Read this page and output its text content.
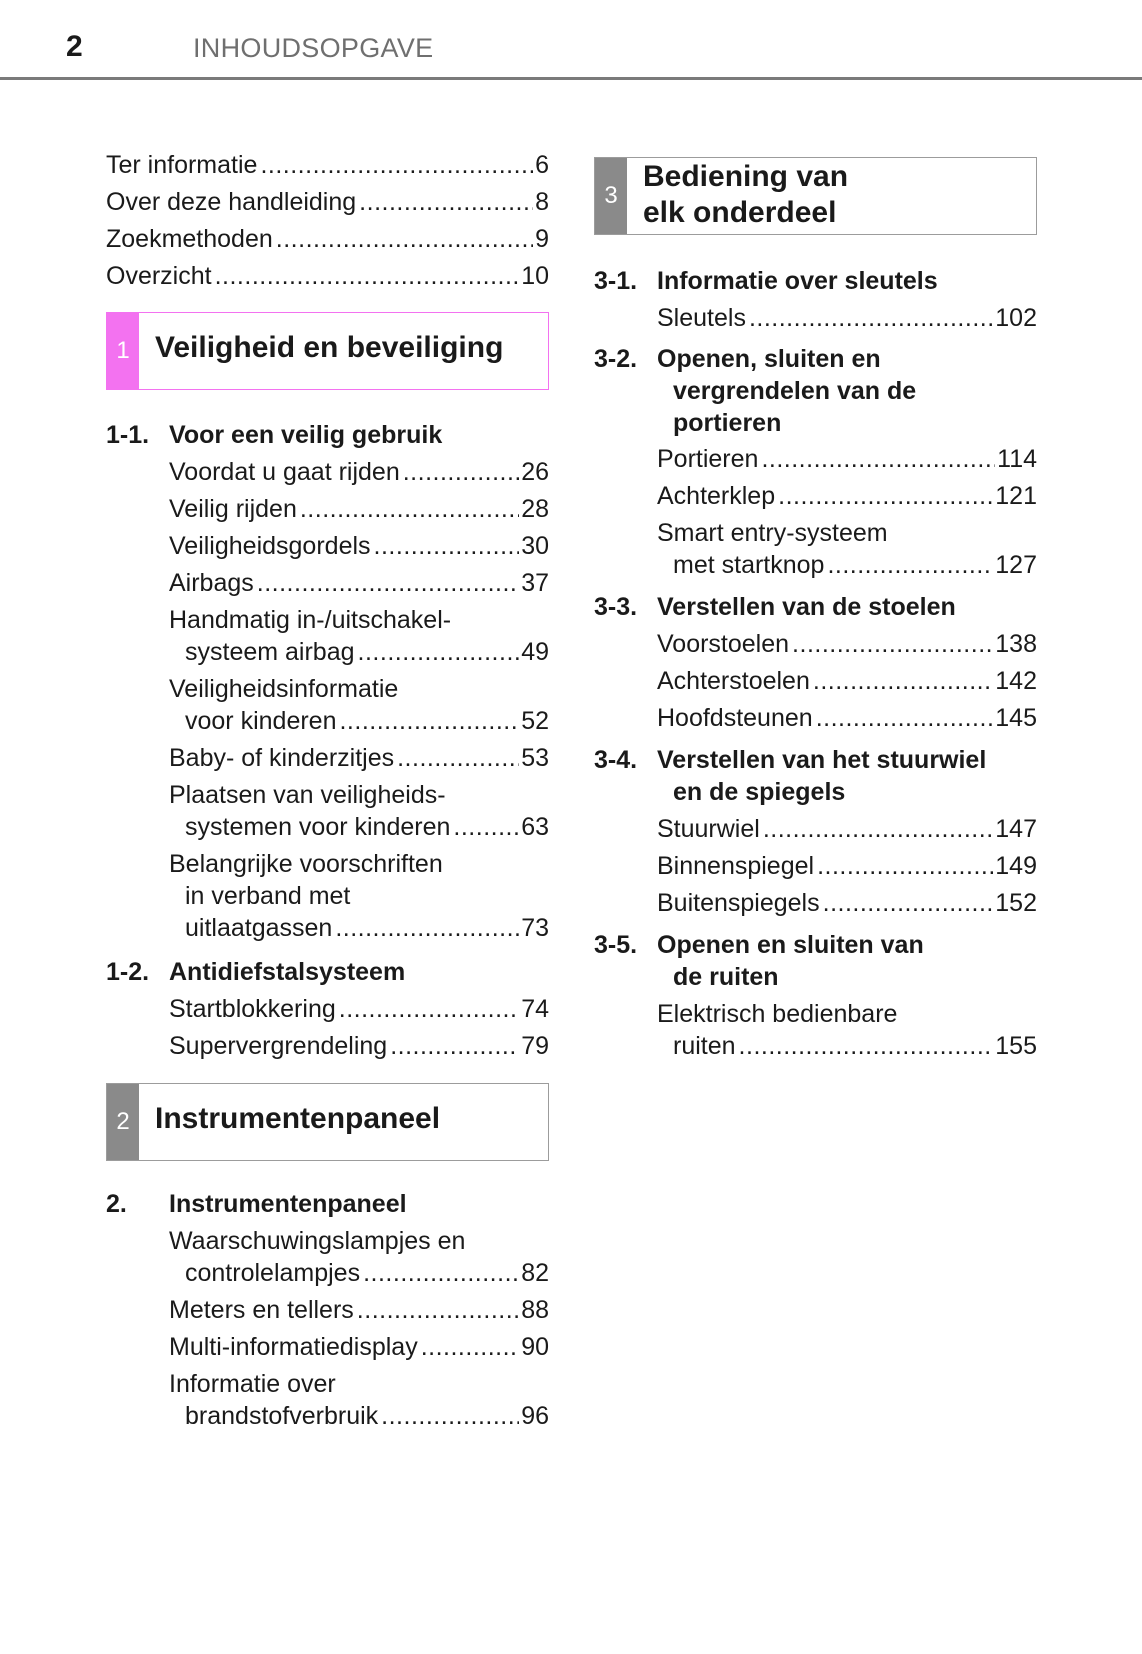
2	INHOUDSOPGAVE
Ter informatie .....	6
Over deze handleiding .....	8
Zoekmethoden .....	9
Overzicht .....	10
1 Veiligheid en beveiliging
1-1. Voor een veilig gebruik
Voordat u gaat rijden .....	26
Veilig rijden .....	28
Veiligheidsgordels .....	30
Airbags .....	37
Handmatig in-/uitschakel-
systeem airbag .....	49
Veiligheidsinformatie
voor kinderen .....	52
Baby- of kinderzitjes .....	53
Plaatsen van veiligheids-
systemen voor kinderen .....	63
Belangrijke voorschriften
in verband met
uitlaatgassen .....	73
1-2. Antidiefstalsysteem
Startblokkering .....	74
Supervergrendeling .....	79
2 Instrumentenpaneel
2. Instrumentenpaneel
Waarschuwingslampjes en
controlelampjes .....	82
Meters en tellers .....	88
Multi-informatiedisplay .....	90
Informatie over
brandstofverbruik .....	96
3
Bediening van
elk onderdeel
3-1. Informatie over sleutels
Sleutels .....	102
3-2. Openen, sluiten en
vergrendelen van de
portieren
Portieren .....	114
Achterklep .....	121
Smart entry-systeem
met startknop .....	127
3-3. Verstellen van de stoelen
Voorstoelen .....	138
Achterstoelen .....	142
Hoofdsteunen .....	145
3-4. Verstellen van het stuurwiel
en de spiegels
Stuurwiel .....	147
Binnenspiegel .....	149
Buitenspiegels .....	152
3-5. Openen en sluiten van
de ruiten
Elektrisch bedienbare
ruiten .....	155
